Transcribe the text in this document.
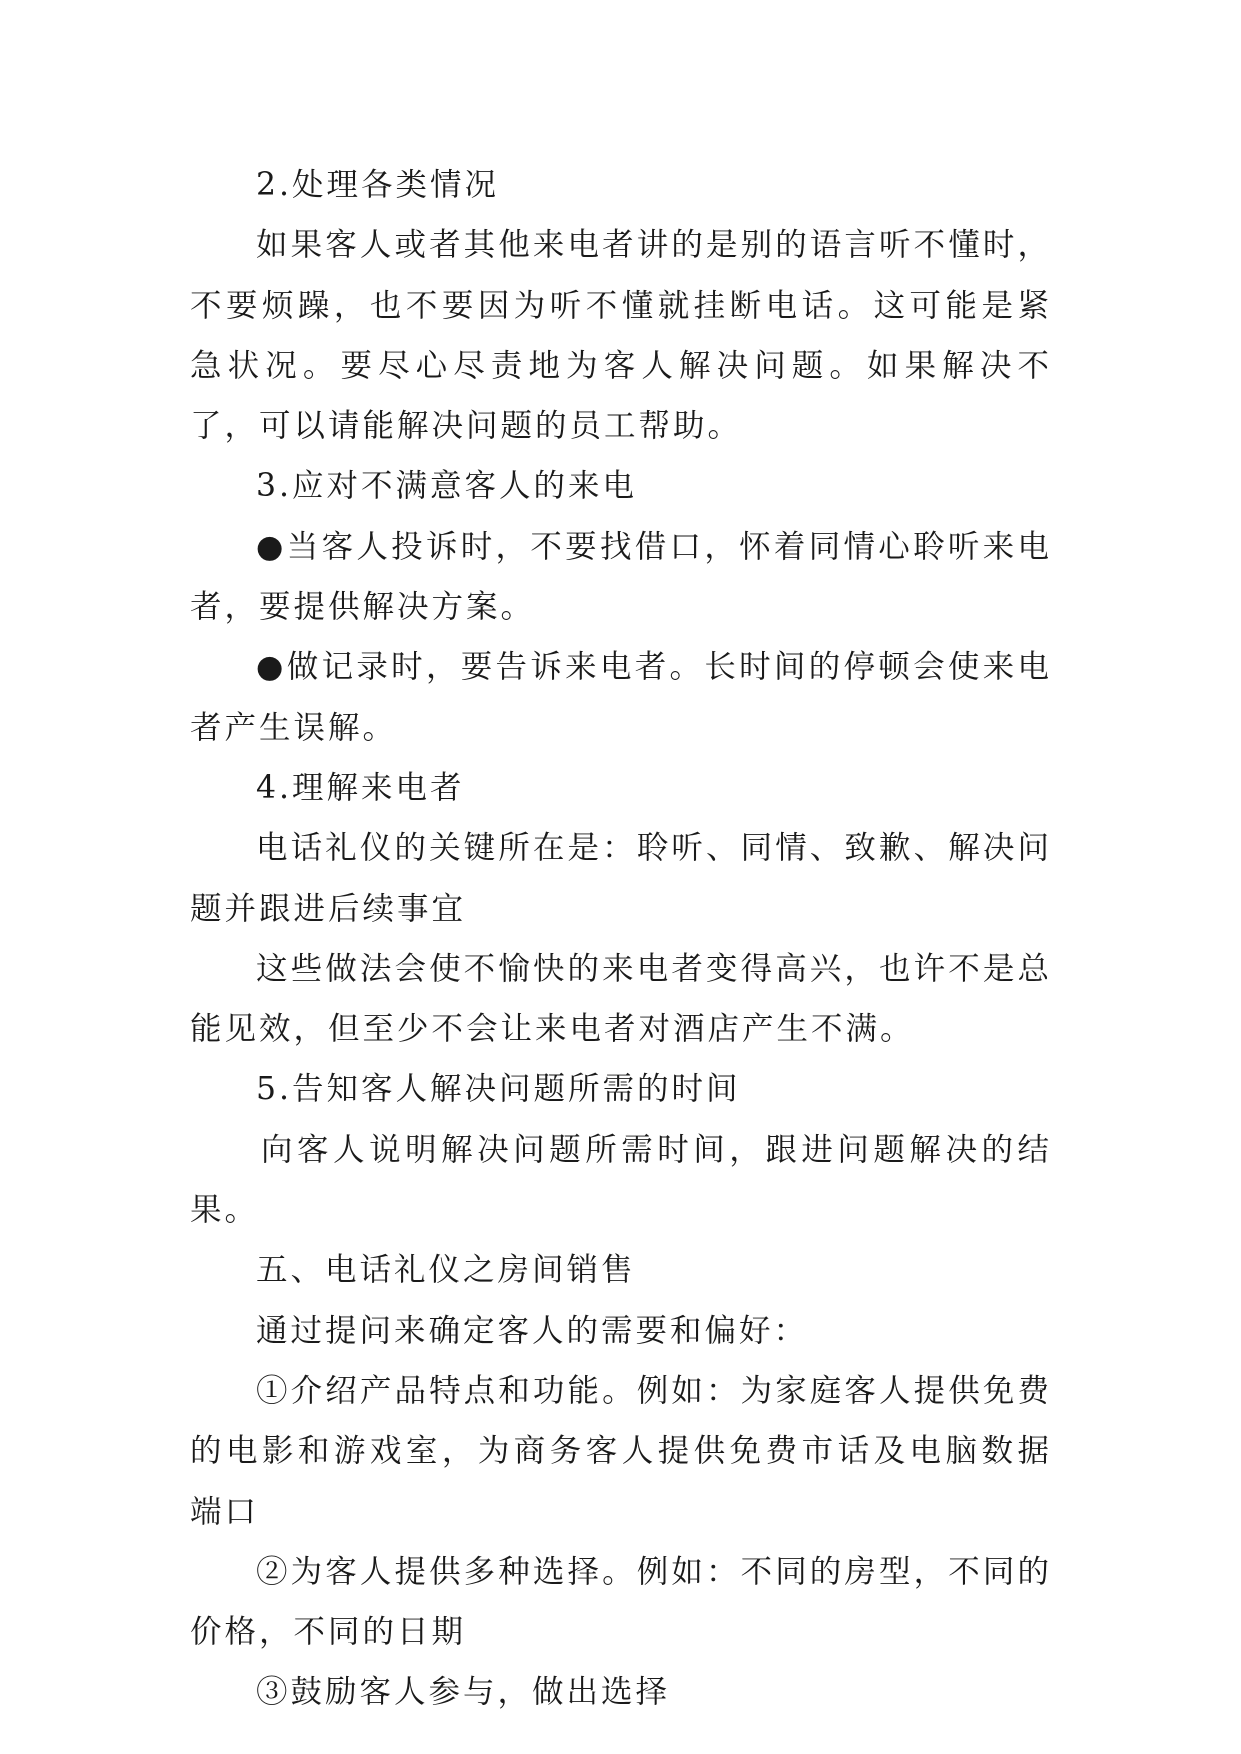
2.处理各类情况

如果客人或者其他来电者讲的是别的语言听不懂时，不要烦躁，也不要因为听不懂就挂断电话。这可能是紧急状况。要尽心尽责地为客人解决问题。如果解决不了，可以请能解决问题的员工帮助。

3.应对不满意客人的来电

●当客人投诉时，不要找借口，怀着同情心聆听来电者，要提供解决方案。

●做记录时，要告诉来电者。长时间的停顿会使来电者产生误解。

4.理解来电者

电话礼仪的关键所在是：聆听、同情、致歉、解决问题并跟进后续事宜

这些做法会使不愉快的来电者变得高兴，也许不是总能见效，但至少不会让来电者对酒店产生不满。

5.告知客人解决问题所需的时间

向客人说明解决问题所需时间，跟进问题解决的结果。

五、电话礼仪之房间销售

通过提问来确定客人的需要和偏好：

①介绍产品特点和功能。例如：为家庭客人提供免费的电影和游戏室，为商务客人提供免费市话及电脑数据端口

②为客人提供多种选择。例如：不同的房型，不同的价格，不同的日期

③鼓励客人参与，做出选择
